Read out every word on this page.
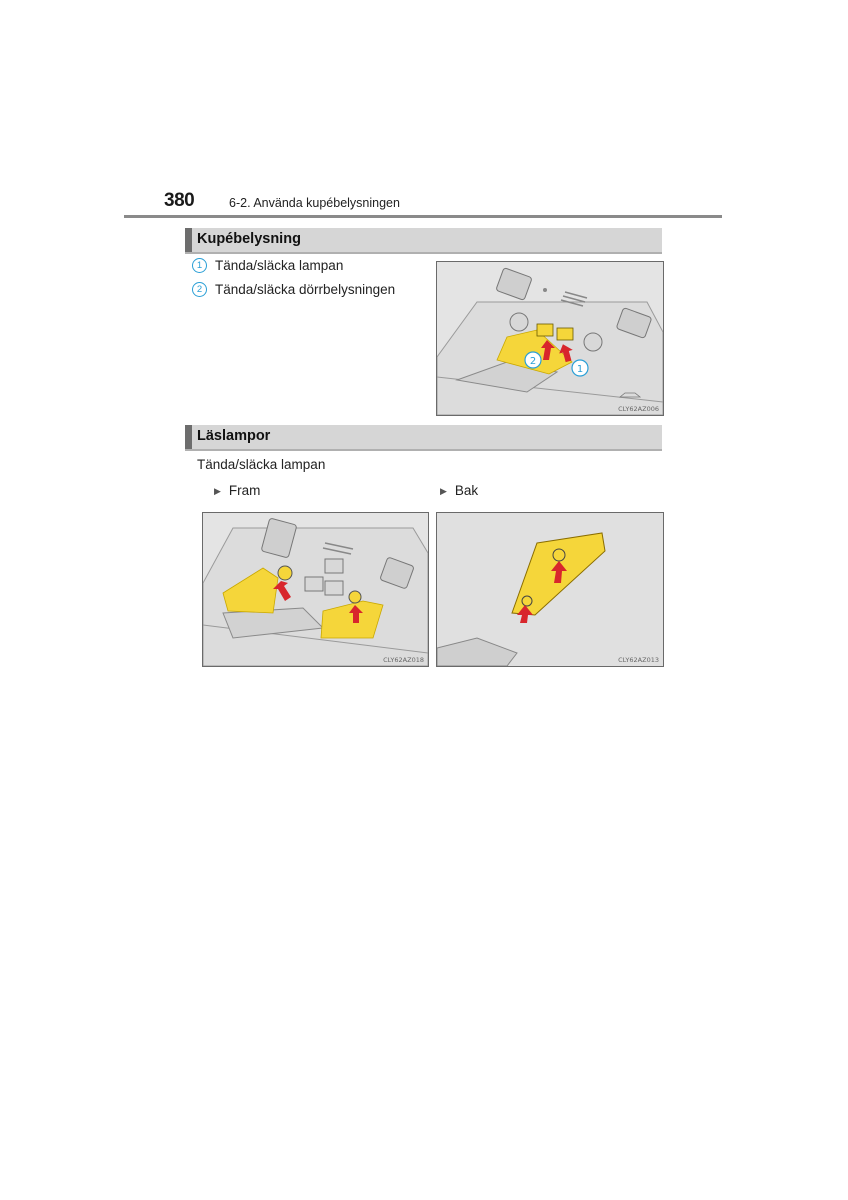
380	6-2. Använda kupébelysningen
Kupébelysning
1 Tända/släcka lampan
2 Tända/släcka dörrbelysningen
2
1
CLY62AZ006
Läslampor
Tända/släcka lampan
▶ Fram	▶ Bak
CLY62AZ018	CLY62AZ013
